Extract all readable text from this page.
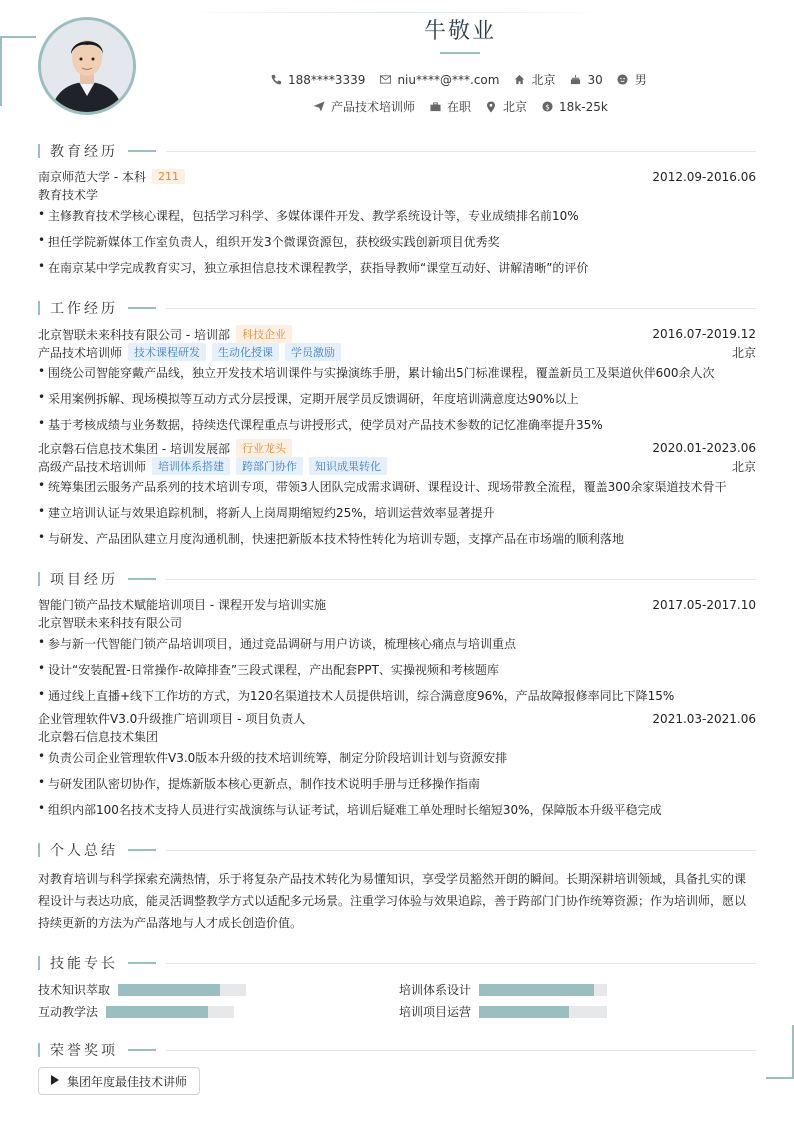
牛敬业
188****3339	niu****@***.com	北京	30	男
产品技术培训师	在职	北京 $ 18k-25k
教育经历
南京师范大学 - 本科	211	2012.09-2016.06
教育技术学
• 主修教育技术学核心课程，包括学习科学、多媒体课件开发、教学系统设计等，专业成绩排名前10%
• 担任学院新媒体工作室负责人，组织开发3个微课资源包，获校级实践创新项目优秀奖
• 在南京某中学完成教育实习，独立承担信息技术课程教学，获指导教师“课堂互动好、讲解清晰”的评价
工作经历
北京智联未来科技有限公司 - 培训部	科技企业	2016.07-2019.12
产品技术培训师	技术课程研发	生动化授课	学员激励	北京
• 围绕公司智能穿戴产品线，独立开发技术培训课件与实操演练手册，累计输出5门标准课程，覆盖新员工及渠道伙伴600余人次
• 采用案例拆解、现场模拟等互动方式分层授课，定期开展学员反馈调研，年度培训满意度达90%以上
• 基于考核成绩与业务数据，持续迭代课程重点与讲授形式，使学员对产品技术参数的记忆准确率提升35%
北京磐石信息技术集团 - 培训发展部	行业龙头	2020.01-2023.06
高级产品技术培训师	培训体系搭建	跨部门协作	知识成果转化	北京
• 统筹集团云服务产品系列的技术培训专项，带领3人团队完成需求调研、课程设计、现场带教全流程，覆盖300余家渠道技术骨干
• 建立培训认证与效果追踪机制，将新人上岗周期缩短约25%，培训运营效率显著提升
• 与研发、产品团队建立月度沟通机制，快速把新版本技术特性转化为培训专题，支撑产品在市场端的顺利落地
项目经历
智能门锁产品技术赋能培训项目 - 课程开发与培训实施	2017.05-2017.10
北京智联未来科技有限公司
• 参与新一代智能门锁产品培训项目，通过竞品调研与用户访谈，梳理核心痛点与培训重点
• 设计“安装配置-日常操作-故障排查”三段式课程，产出配套PPT、实操视频和考核题库
• 通过线上直播+线下工作坊的方式，为120名渠道技术人员提供培训，综合满意度96%，产品故障报修率同比下降15%
企业管理软件V3.0升级推广培训项目 - 项目负责人	2021.03-2021.06
北京磐石信息技术集团
• 负责公司企业管理软件V3.0版本升级的技术培训统筹，制定分阶段培训计划与资源安排
• 与研发团队密切协作，提炼新版本核心更新点，制作技术说明手册与迁移操作指南
• 组织内部100名技术支持人员进行实战演练与认证考试，培训后疑难工单处理时长缩短30%，保障版本升级平稳完成
个人总结
对教育培训与科学探索充满热情，乐于将复杂产品技术转化为易懂知识，享受学员豁然开朗的瞬间。长期深耕培训领域，具备扎实的课程设计与表达功底，能灵活调整教学方式以适配多元场景。注重学习体验与效果追踪，善于跨部门门协作统筹资源；作为培训师，愿以持续更新的方法为产品落地与人才成长创造价值。
技能专长
技术知识萃取	培训体系设计
互动教学法	培训项目运营
荣誉奖项
集团年度最佳技术讲师
